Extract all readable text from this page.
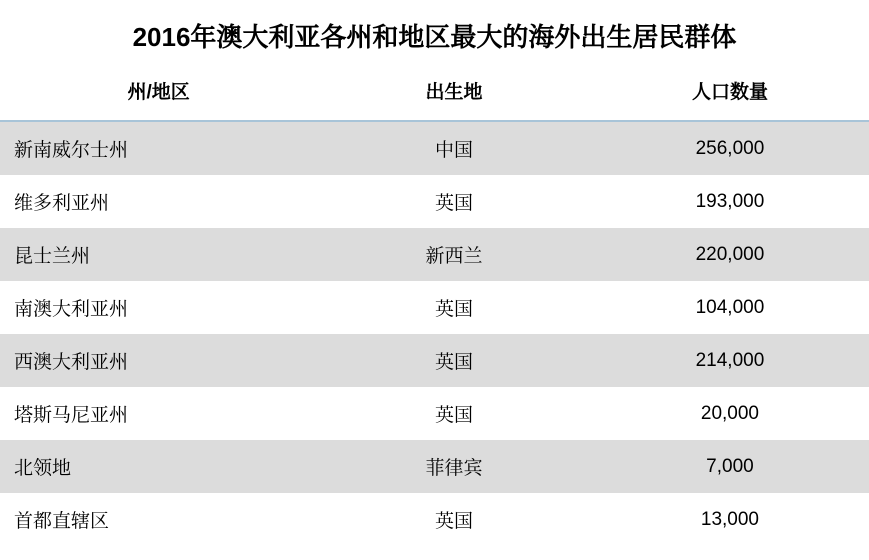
2016年澳大利亚各州和地区最大的海外出生居民群体
州/地区	出生地	人口数量
新南威尔士州	中国	256,000
维多利亚州	英国	193,000
昆士兰州	新西兰	220,000
南澳大利亚州	英国	104,000
西澳大利亚州	英国	214,000
塔斯马尼亚州	英国	20,000
北领地	菲律宾	7,000
首都直辖区	英国	13,000
